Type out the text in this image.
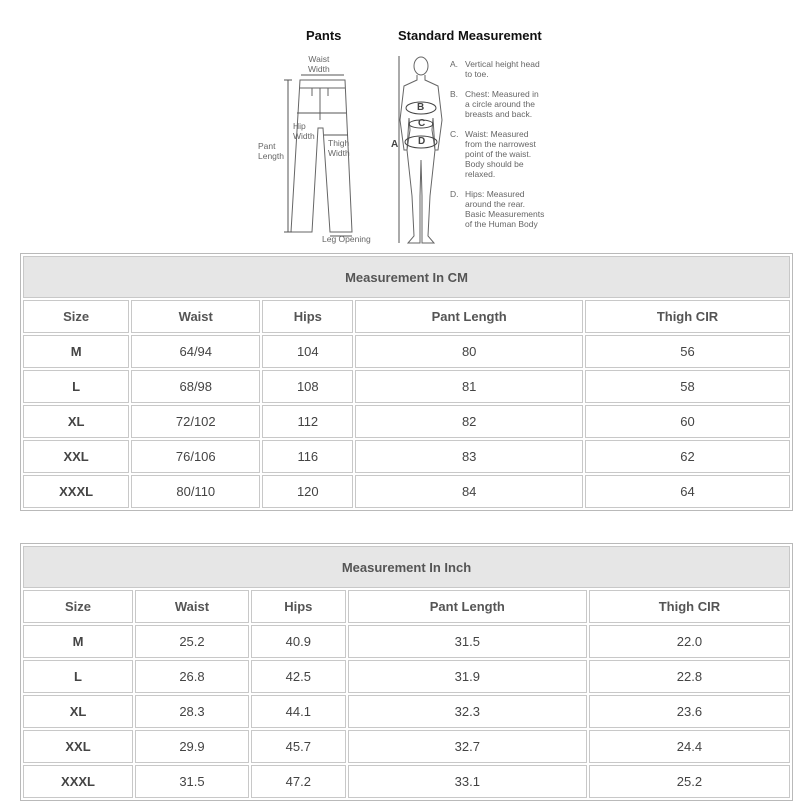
Pants	Standard Measurement
Waist
Width
Hip
Width
Pant
Length
Thigh
Width
Leg Opening
A
B
C
D
A. Vertical height head
to toe.
B. Chest: Measured in
a circle around the
breasts and back.
C. Waist: Measured
from the narrowest
point of the waist.
Body should be
relaxed.
D. Hips: Measured
around the rear.
Basic Measurements
of the Human Body
Measurement In CM				
Size	Waist	Hips	Pant Length	Thigh CIR
M	64/94	104	80	56
L	68/98	108	81	58
XL	72/102	112	82	60
XXL	76/106	116	83	62
XXXL	80/110	120	84	64
Measurement In Inch				
Size	Waist	Hips	Pant Length	Thigh CIR
M	25.2	40.9	31.5	22.0
L	26.8	42.5	31.9	22.8
XL	28.3	44.1	32.3	23.6
XXL	29.9	45.7	32.7	24.4
XXXL	31.5	47.2	33.1	25.2
